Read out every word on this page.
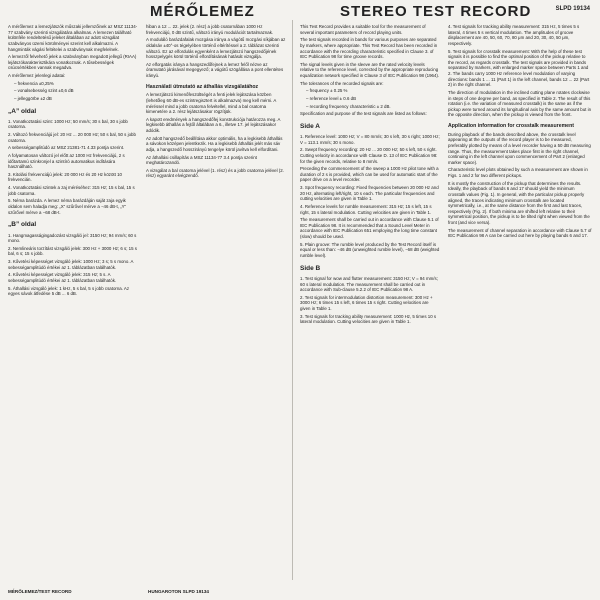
MÉRŐLEMEZ	STEREO TEST RECORD	SLPD 19134

A mérőlemez a lemezjátszók műszaki jellemzőinek az MSZ 11134-77 szabvány szerinti vizsgálatára alkalmas. A lemezen található különféle rendeltetésű jeleket általában az adott vizsgálat szabványos üzemi körülményei szerint kell alkalmazni. A hangminták vágási feltételei a szabványnak megfelelnek.

A lemezről felvehető jelek a szabványban megadott jellegű (RIAA) lejátszókarakterisztikára vonatkoznak. A tűsebességek csúcsértékben vannak megadva.

A mérőlemez jelenlegi adatai:

– frekvencia ±0,25%

– vonalsebesség szint ±0,6 dB

– jelleggörbe ±2 dB

„A” oldal

1. Vonatkoztatási szint: 1000 Hz; 50 mm/s; 30 s bal, 30 s jobb csatorna.

2. Változó frekvenciájú jel: 20 Hz ... 20 000 Hz; 50 s bal, 50 s jobb csatorna.

A sebességamplitúdó az MSZ 21381-71 4.33 pontja szerint.

A folyamatosan változó jel előtt az 1000 Hz frekvenciájú, 2 s időtartamú szinkronjel a szintíró automatikus indítására használható.

3. Kitolási frekvenciájú jelek: 20 000 Hz és 20 Hz között 10 frekvencián.

4. Vonatkoztatási szintek a zaj méréséhez: 315 Hz; 15 s bal, 15 s jobb csatorna.

5. Néma barázda. A lemez néma barázdáján saját zaja egyik oldalon sem haladja meg: „X” szűrővel mérve a −46 dB-t, „Y” szűrővel mérve a −68 dB-t.

„B” oldal

1. Hangmagasságingadozást vizsgáló jel: 3150 Hz; 94 mm/s; 60 s mono.

2. Nemlineáris torzítást vizsgáló jelek: 300 Hz + 3000 Hz; 6 s; 15 s bal, 6 s; 15 s jobb.

3. Kővetési képességet vizsgáló jelek: 1000 Hz; 3 s; 5 s mono. A sebességamplitúdó értékei az 1. táblázatban találhatók.

4. Kővetési képességet vizsgáló jelek: 315 Hz; 5 s. A sebességamplitúdó értékei az 1. táblázatban találhatók.

5. Áthallási vizsgáló jelek: 1 kHz, 5 s bal, 5 s jobb csatorna. Az egyes sávok átfedése 5 dB ... 6 dB.

hiban a 12 ... 22. jelek (2. rész) a jobb csatornában 1000 Hz frekvenciájú, 0 dB szintű, változó irányú modulációt tartalmaznak.

A moduláló barázdafalak mozgása iránya a vágótű mozgási síkjában az oldalsáv ±40°-os tégelyében történő eltérítéssel a 2. táblázat szerinti változó. Ez az elfordulás egyenként a lemezjátszó hangszedőjének hosszpelygés körül történő elfordításának hatását vizsgálja.

Az elforgatás iránya a hangszedőfejnek a lemez felől nézve az óramutató járásával megegyező; a vágótű szögállása a pont ellentétes irányú.

Használati útmutató az áthallás vizsgálatához

A lemezjátszó kimenőfeszültségét a fenti jelek lejátszása közben (lehetőleg 60 dB-es szintregisztert is alkalmazva) meg kell mérni. A méréssel mind a jobb csatorna felvétellel, mind a bal csatorna kimenetére a 2. rész lejátszásakor rögzítjük.

A kapott eredmények a hangszedőfej konstrukciója határozza meg. A legkisebb áthallás a fejtől általában a 6., illetve 17. jel lejátszásakor adódik.

Az adott hangszedő beállítása akkor optimális, ha a legkisebb áthallás a sávokon középen jelentkezik. Ha a legkisebb áthallás jelét más sáv adja, a hangszedő hosszirányú tengelye körül javítva kell elfordítani.

Az áthallási csillapítás a MSZ 11134-77 3.4 pontja szerint meghatározandó.

A vizsgálat a bal csatorna jelével (1. rész) és a jobb csatorna jelével (2. rész) egyaránt elvégzendő.

This Test Record provides a suitable tool for the measurement of several important parameters of record playing units.

The test signals recorded in bands for various purposes are separated by markers, where appropriate. This Test Record has been recorded in accordance with the recording characteristic specified in Clause 3. of IEC Publication 98 for time groove records.

The signal levels given in the sleeve are the rated velocity levels relative to the reference level, corrected by the appropriate reproducing equalization network specified in Clause 3 of IEC Publication 98 (1964).

The tolerances of the recorded signals are:

– frequency ± 0.25 %

– reference level ± 0.6 dB

– recording frequency characteristic ± 2 dB.

Specification and purpose of the test signals are listed as follows:

Side A

1. Reference level: 1000 Hz; V = 80 mm/s; 30 s left, 30 s right; 1000 Hz; V = 113.1 mm/s; 30 s mono.

2. Swept frequency recording: 20 Hz ... 20 000 Hz; 50 s left, 50 s right. Cutting velocity in accordance with Clause D. 13 of IEC Publication 98: for the given records, relative to 8 mm/s.

Preceding the commencement of the sweep a 1000 Hz pilot tone with a duration of 2 s is provided, which can be used for automatic start of the paper drive on a level recorder.

3. Spot frequency recording: Fixed frequencies between 20 000 Hz and 20 Hz, alternating left/right, 10 s each. The particular frequencies and cutting velocities are given in Table 1.

4. Reference levels for rumble measurement: 315 Hz; 15 s left, 15 s right, 15 s lateral modulation. Cutting velocities are given in Table 1.

The measurement shall be carried out in accordance with Clause 5.1 of IEC Publication 98. It is recommended that a Sound Level Meter in accordance with IEC Publication 651 employing the long time constant (slow) should be used.

5. Plain groove: The rumble level produced by the Test Record itself is equal or less than: −46 dB (unweighted rumble level), −68 dB (weighted rumble level).

Side B

1. Test signal for wow and flutter measurement: 3150 Hz; V = 94 mm/s; 60 s lateral modulation. The measurement shall be carried out in accordance with Sub-clause 5.2.2 of IEC Publication 98 A.

2. Test signals for intermodulation distortion measurement: 300 Hz + 3000 Hz; 6 times 15 s left, 6 times 15 s right. Cutting velocities are given in Table 1.

3. Test signals for tracking ability measurement: 1000 Hz, 5 times 10 s lateral modulation. Cutting velocities are given in Table 1.

4. Test signals for tracking ability measurement: 315 Hz, 5 times 5 s lateral, 4 times 5 s vertical modulation. The amplitudes of groove displacement are 40, 50, 60, 70, 80 μm and 20, 30, 40, 50 μm, respectively.

5. Test signals for crosstalk measurement: With the help of these test signals it is possible to find the optimal position of the pickup relative to the record, as regards crosstalk. The test signals are provided in bands separated by markers, with enlarged marker space between Parts 1 and 2. The bands carry 1000 Hz reference level modulation of varying directions: bands 1 ... 11 (Part 1) in the left channel, bands 12 ... 22 (Part 2) in the right channel.

The direction of modulation in the inclined cutting plane rotates clockwise in steps of one degree per band, as specified in Table 2. The result of this rotation (i.e. the variation of measured crosstalk) is the same as if the pickup were turned around its longitudinal axis by the same amount but in the opposite direction, when the pickup is viewed from the front.

Application information for crosstalk measurement

During playback of the bands described above, the crosstalk level appearing at the outputs of the record player is to be measured, preferably plotted by means of a level recorder having a 50 dB measuring range. Thus, the measurement takes place first in the right channel, continuing in the left channel upon commencement of Part 2 (enlarged marker space).

Characteristic level plots obtained by such a measurement are shown in Figs. 1 and 2 for two different pickups.

It is mostly the construction of the pickup that determines the results. Ideally, the playback of bands 6 and 17 should yield the minimum crosstalk values (Fig. 1). In general, with the particular pickup properly aligned, the traces indicating minimum crosstalk are located symmetrically, i.e., at the same distance from the first and last traces, respectively (Fig. 2). If both minima are shifted left relative to their symmetrical position, the pickup is to be tilted right when viewed from the front (and vice versa).

The measurement of channel separation in accordance with Clause 5.7 of IEC Publication 98 A can be carried out here by playing bands 6 and 17.

MÉRŐLEMEZ/TEST RECORD	HUNGAROTON SLPD 19134
